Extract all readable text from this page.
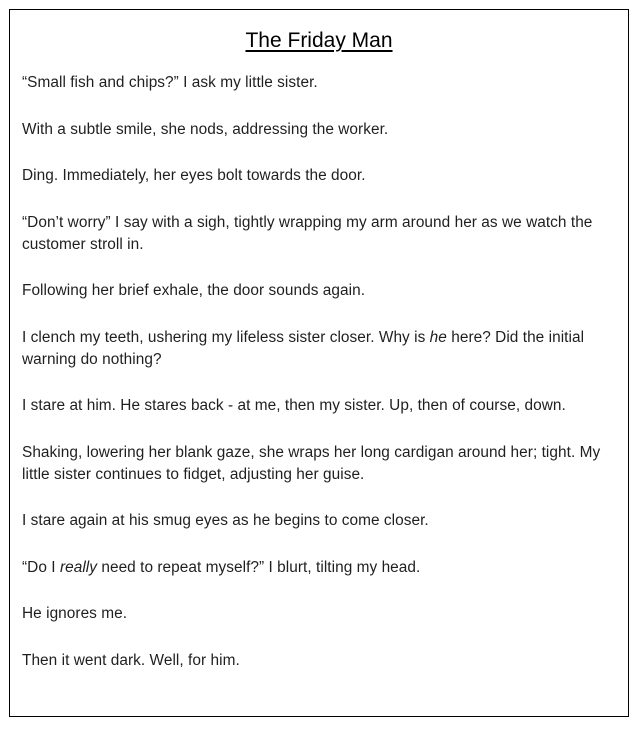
The Friday Man

“Small fish and chips?” I ask my little sister.

With a subtle smile, she nods, addressing the worker.

Ding. Immediately, her eyes bolt towards the door.

“Don’t worry” I say with a sigh, tightly wrapping my arm around her as we watch the customer stroll in.

Following her brief exhale, the door sounds again.

I clench my teeth, ushering my lifeless sister closer. Why is he here? Did the initial warning do nothing?

I stare at him. He stares back - at me, then my sister. Up, then of course, down.

Shaking, lowering her blank gaze, she wraps her long cardigan around her; tight. My little sister continues to fidget, adjusting her guise.

I stare again at his smug eyes as he begins to come closer.

“Do I really need to repeat myself?” I blurt, tilting my head.

He ignores me.

Then it went dark. Well, for him.
